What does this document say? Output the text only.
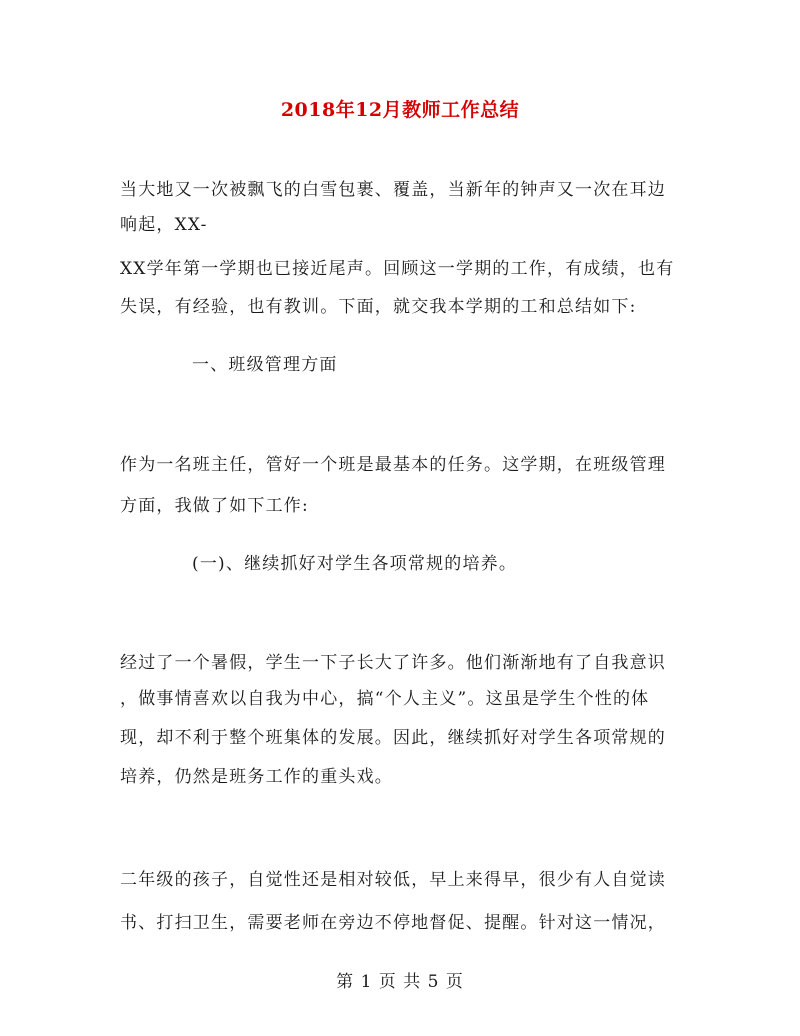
2018年12月教师工作总结
当大地又一次被飘飞的白雪包裹、覆盖，当新年的钟声又一次在耳边
响起，XX-
XX学年第一学期也已接近尾声。回顾这一学期的工作，有成绩，也有
失误，有经验，也有教训。下面，就交我本学期的工和总结如下:
一、班级管理方面
作为一名班主任，管好一个班是最基本的任务。这学期，在班级管理
方面，我做了如下工作:
(一)、继续抓好对学生各项常规的培养。
经过了一个暑假，学生一下子长大了许多。他们渐渐地有了自我意识
，做事情喜欢以自我为中心，搞“个人主义”。这虽是学生个性的体
现，却不利于整个班集体的发展。因此，继续抓好对学生各项常规的
培养，仍然是班务工作的重头戏。
二年级的孩子，自觉性还是相对较低，早上来得早，很少有人自觉读
书、打扫卫生，需要老师在旁边不停地督促、提醒。针对这一情况，
第 1 页 共 5 页
